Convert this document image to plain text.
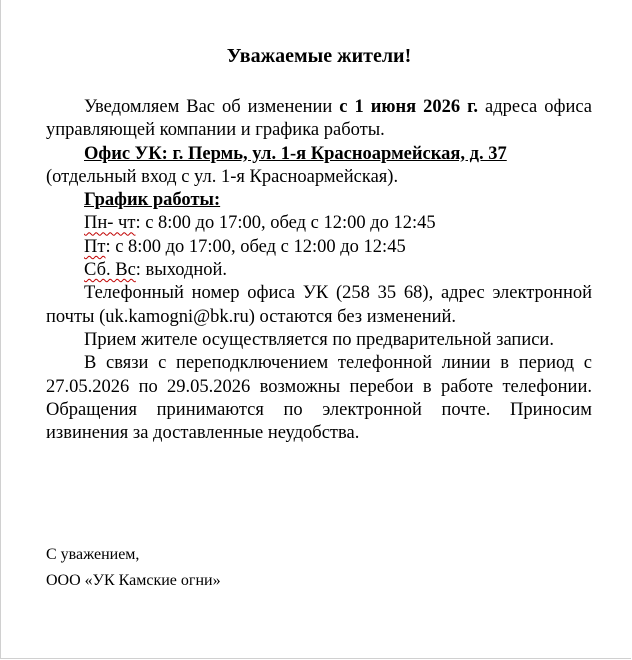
Уважаемые жители!

Уведомляем Вас об изменении с 1 июня 2026 г. адреса офиса управляющей компании и графика работы.

Офис УК: г. Пермь, ул. 1-я Красноармейская, д. 37

(отдельный вход с ул. 1-я Красноармейская).

График работы:

Пн- чт: с 8:00 до 17:00, обед с 12:00 до 12:45

Пт: с 8:00 до 17:00, обед с 12:00 до 12:45

Сб. Вс: выходной.

Телефонный номер офиса УК (258 35 68), адрес электронной почты (uk.kamogni@bk.ru) остаются без изменений.

Прием жителе осуществляется по предварительной записи.

В связи с переподключением телефонной линии в период с 27.05.2026 по 29.05.2026 возможны перебои в работе телефонии. Обращения принимаются по электронной почте. Приносим извинения за доставленные неудобства.

С уважением,
ООО «УК Камские огни»
